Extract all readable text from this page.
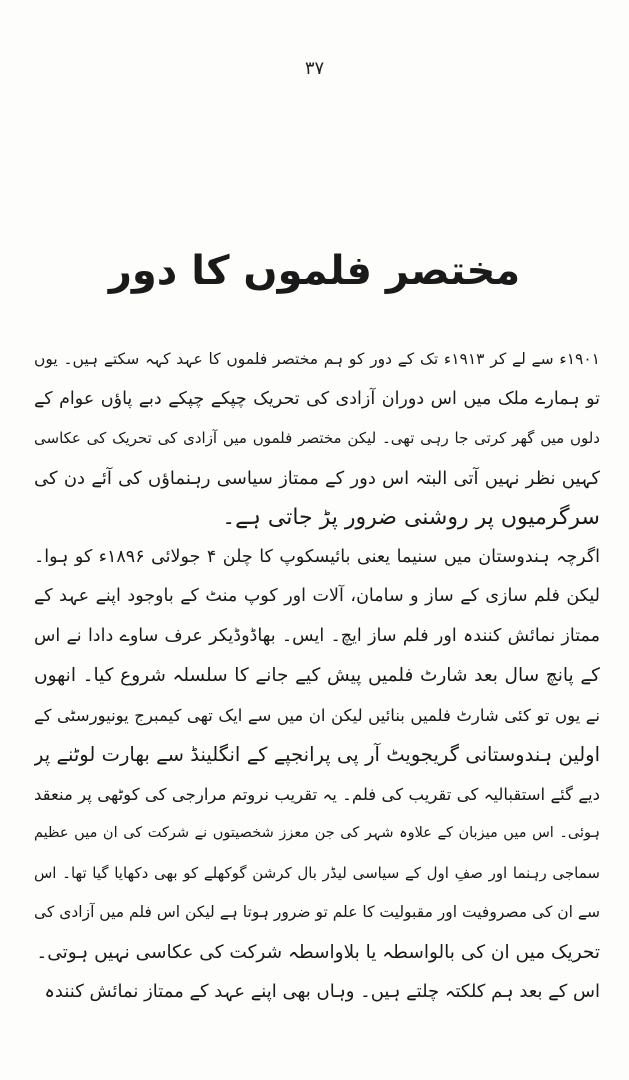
٣٧
مختصر فلموں کا دور
۱۹۰۱ء سے لے کر ۱۹۱۳ء تک کے دور کو ہم مختصر فلموں کا عہد کہہ سکتے ہیں۔ یوں
تو ہمارے ملک میں اس دوران آزادی کی تحریک چپکے چپکے دبے پاؤں عوام کے
دلوں میں گھر کرتی جا رہی تھی۔ لیکن مختصر فلموں میں آزادی کی تحریک کی عکاسی
کہیں نظر نہیں آتی البتہ اس دور کے ممتاز سیاسی رہنماؤں کی آئے دن کی
سرگرمیوں پر روشنی ضرور پڑ جاتی ہے۔
اگرچہ ہندوستان میں سنیما یعنی بائیسکوپ کا چلن ۴ جولائی ۱۸۹۶ء کو ہوا۔
لیکن فلم سازی کے ساز و سامان، آلات اور کوپ منٹ کے باوجود اپنے عہد کے
ممتاز نمائش کنندہ اور فلم ساز ایچ۔ ایس۔ بھاڈوڈیکر عرف ساوے دادا نے اس
کے پانچ سال بعد شارٹ فلمیں پیش کیے جانے کا سلسلہ شروع کیا۔ انھوں
نے یوں تو کئی شارٹ فلمیں بنائیں لیکن ان میں سے ایک تھی کیمبرج یونیورسٹی کے
اولین ہندوستانی گریجویٹ آر پی پرانجپے کے انگلینڈ سے بھارت لوٹنے پر
دیے گئے استقبالیہ کی تقریب کی فلم۔ یہ تقریب نروتم مرارجی کی کوٹھی پر منعقد
ہوئی۔ اس میں میزبان کے علاوہ شہر کی جن معزز شخصیتوں نے شرکت کی ان میں عظیم
سماجی رہنما اور صفِ اول کے سیاسی لیڈر بال کرشن گوکھلے کو بھی دکھایا گیا تھا۔ اس
سے ان کی مصروفیت اور مقبولیت کا علم تو ضرور ہوتا ہے لیکن اس فلم میں آزادی کی
تحریک میں ان کی بالواسطہ یا بلاواسطہ شرکت کی عکاسی نہیں ہوتی۔
اس کے بعد ہم کلکتہ چلتے ہیں۔ وہاں بھی اپنے عہد کے ممتاز نمائش کنندہ
